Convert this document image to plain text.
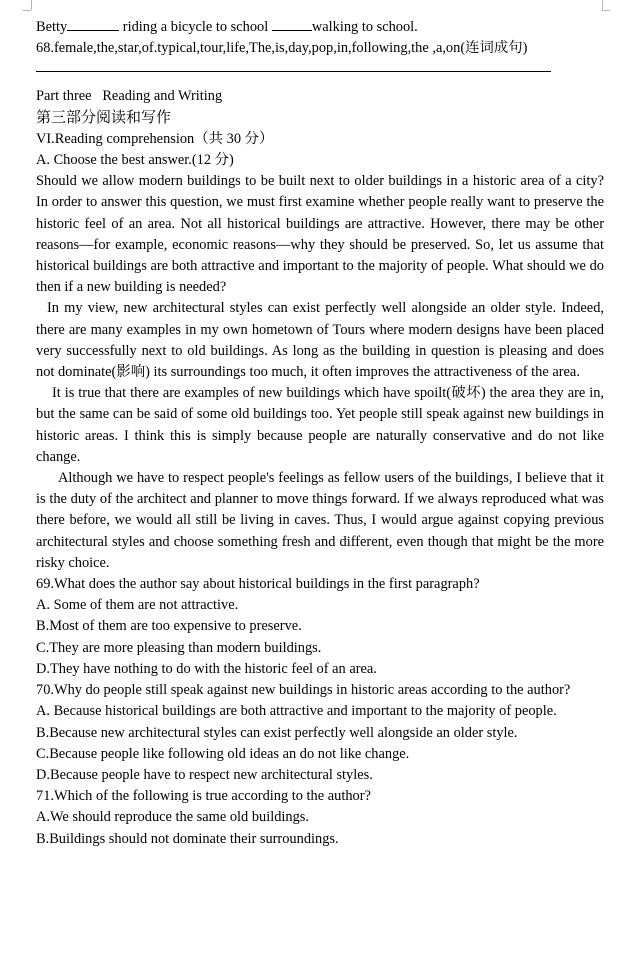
Betty	riding a bicycle to school	walking to school.

68.female,the,star,of.typical,tour,life,The,is,day,pop,in,following,the ,a,on(连词成句)

Part three   Reading and Writing

第三部分阅读和写作

VI.Reading comprehension（共 30 分）

A. Choose the best answer.(12 分)

Should we allow modern buildings to be built next to older buildings in a historic area of a city? In order to answer this question, we must first examine whether people really want to preserve the historic feel of an area. Not all historical buildings are attractive. However, there may be other reasons—for example, economic reasons—why they should be preserved. So, let us assume that historical buildings are both attractive and important to the majority of people. What should we do then if a new building is needed?

In my view, new architectural styles can exist perfectly well alongside an older style. Indeed, there are many examples in my own hometown of Tours where modern designs have been placed very successfully next to old buildings. As long as the building in question is pleasing and does not dominate(影响) its surroundings too much, it often improves the attractiveness of the area.

It is true that there are examples of new buildings which have spoilt(破坏) the area they are in, but the same can be said of some old buildings too. Yet people still speak against new buildings in historic areas. I think this is simply because people are naturally conservative and do not like change.

Although we have to respect people's feelings as fellow users of the buildings, I believe that it is the duty of the architect and planner to move things forward. If we always reproduced what was there before, we would all still be living in caves. Thus, I would argue against copying previous architectural styles and choose something fresh and different, even though that might be the more risky choice.

69.What does the author say about historical buildings in the first paragraph?

A. Some of them are not attractive.

B.Most of them are too expensive to preserve.

C.They are more pleasing than modern buildings.

D.They have nothing to do with the historic feel of an area.

70.Why do people still speak against new buildings in historic areas according to the author?

A. Because historical buildings are both attractive and important to the majority of people.

B.Because new architectural styles can exist perfectly well alongside an older style.

C.Because people like following old ideas an do not like change.

D.Because people have to respect new architectural styles.

71.Which of the following is true according to the author?

A.We should reproduce the same old buildings.

B.Buildings should not dominate their surroundings.
